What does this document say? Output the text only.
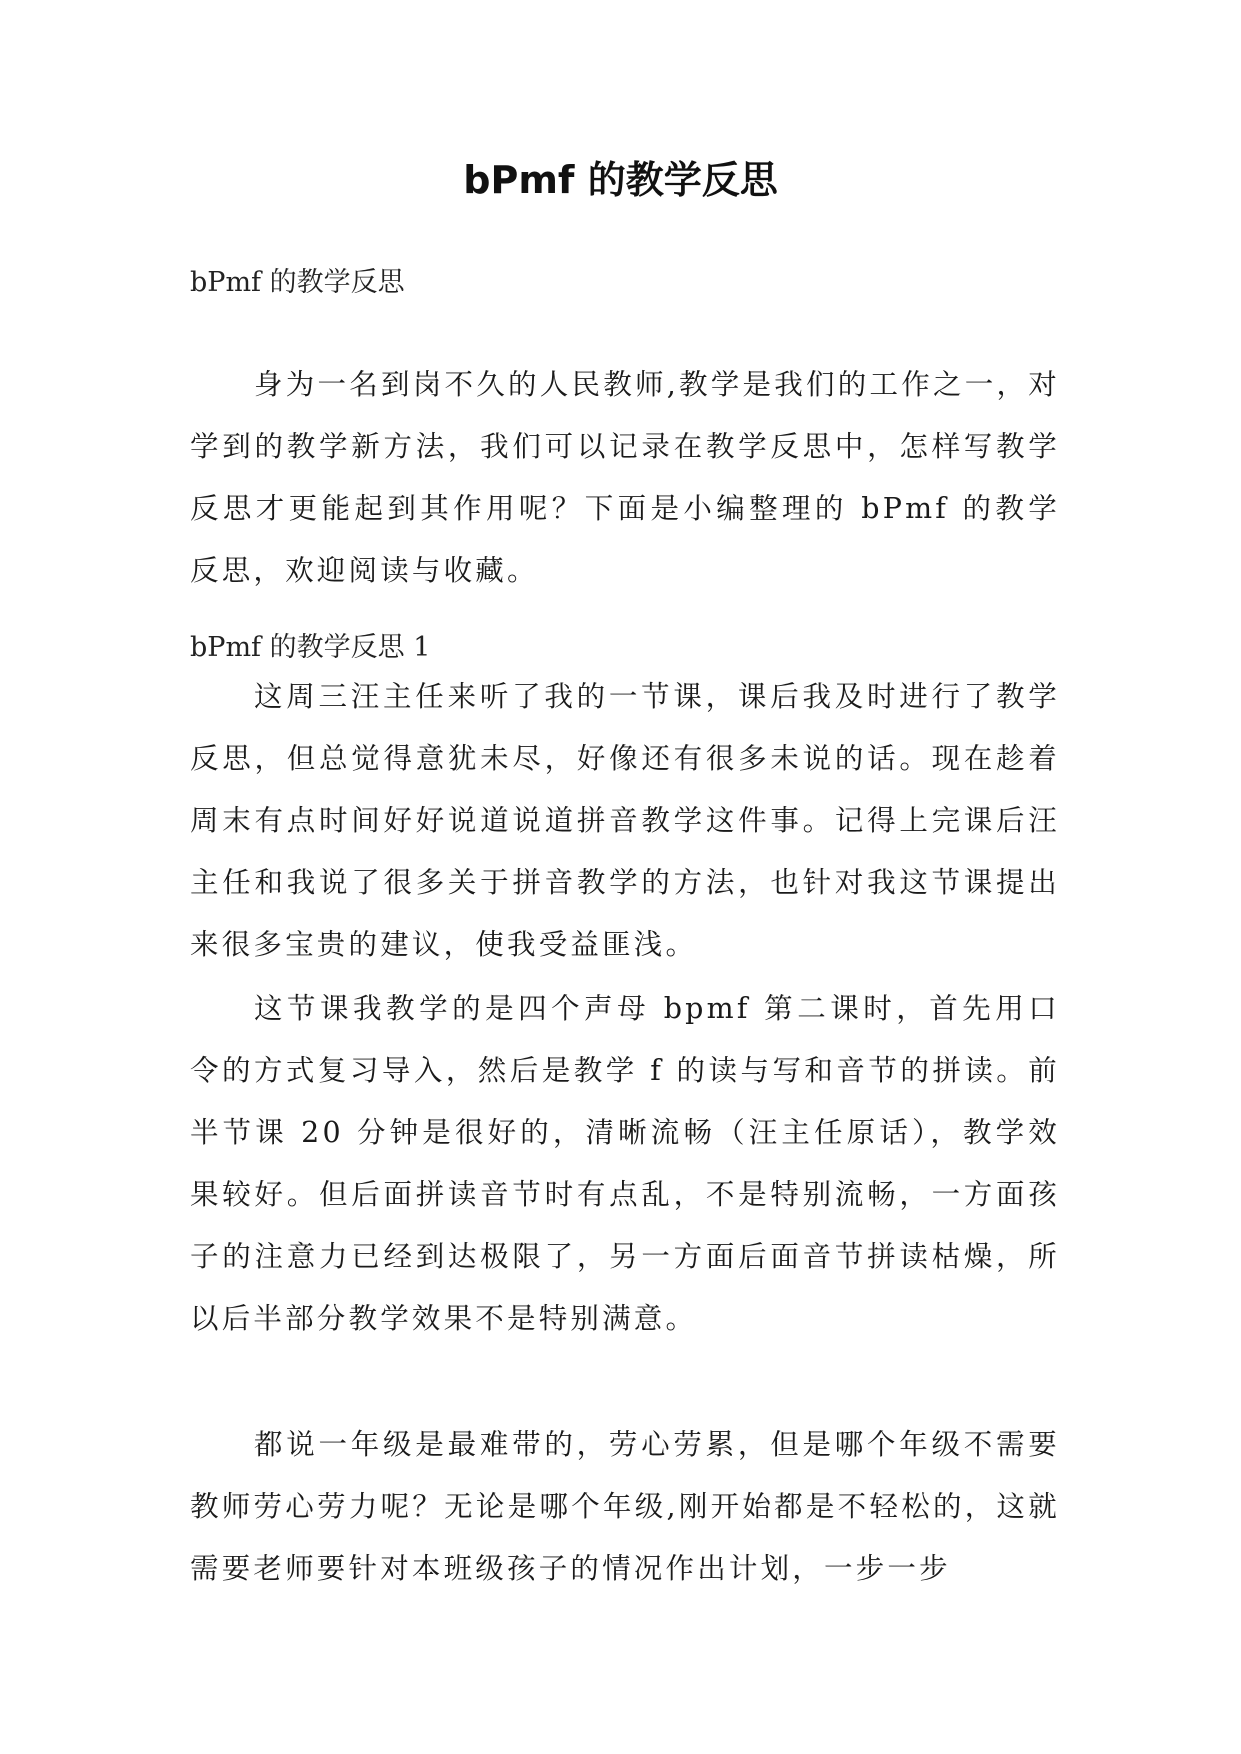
bPmf 的教学反思
bPmf 的教学反思
身为一名到岗不久的人民教师,教学是我们的工作之一，对学到的教学新方法，我们可以记录在教学反思中，怎样写教学反思才更能起到其作用呢？下面是小编整理的 bPmf 的教学反思，欢迎阅读与收藏。
bPmf 的教学反思 1
这周三汪主任来听了我的一节课，课后我及时进行了教学反思，但总觉得意犹未尽，好像还有很多未说的话。现在趁着周末有点时间好好说道说道拼音教学这件事。记得上完课后汪主任和我说了很多关于拼音教学的方法，也针对我这节课提出来很多宝贵的建议，使我受益匪浅。
这节课我教学的是四个声母 bpmf 第二课时，首先用口令的方式复习导入，然后是教学 f 的读与写和音节的拼读。前半节课 20 分钟是很好的，清晰流畅（汪主任原话），教学效果较好。但后面拼读音节时有点乱，不是特别流畅，一方面孩子的注意力已经到达极限了，另一方面后面音节拼读枯燥，所以后半部分教学效果不是特别满意。
都说一年级是最难带的，劳心劳累，但是哪个年级不需要教师劳心劳力呢？无论是哪个年级,刚开始都是不轻松的，这就需要老师要针对本班级孩子的情况作出计划，一步一步
